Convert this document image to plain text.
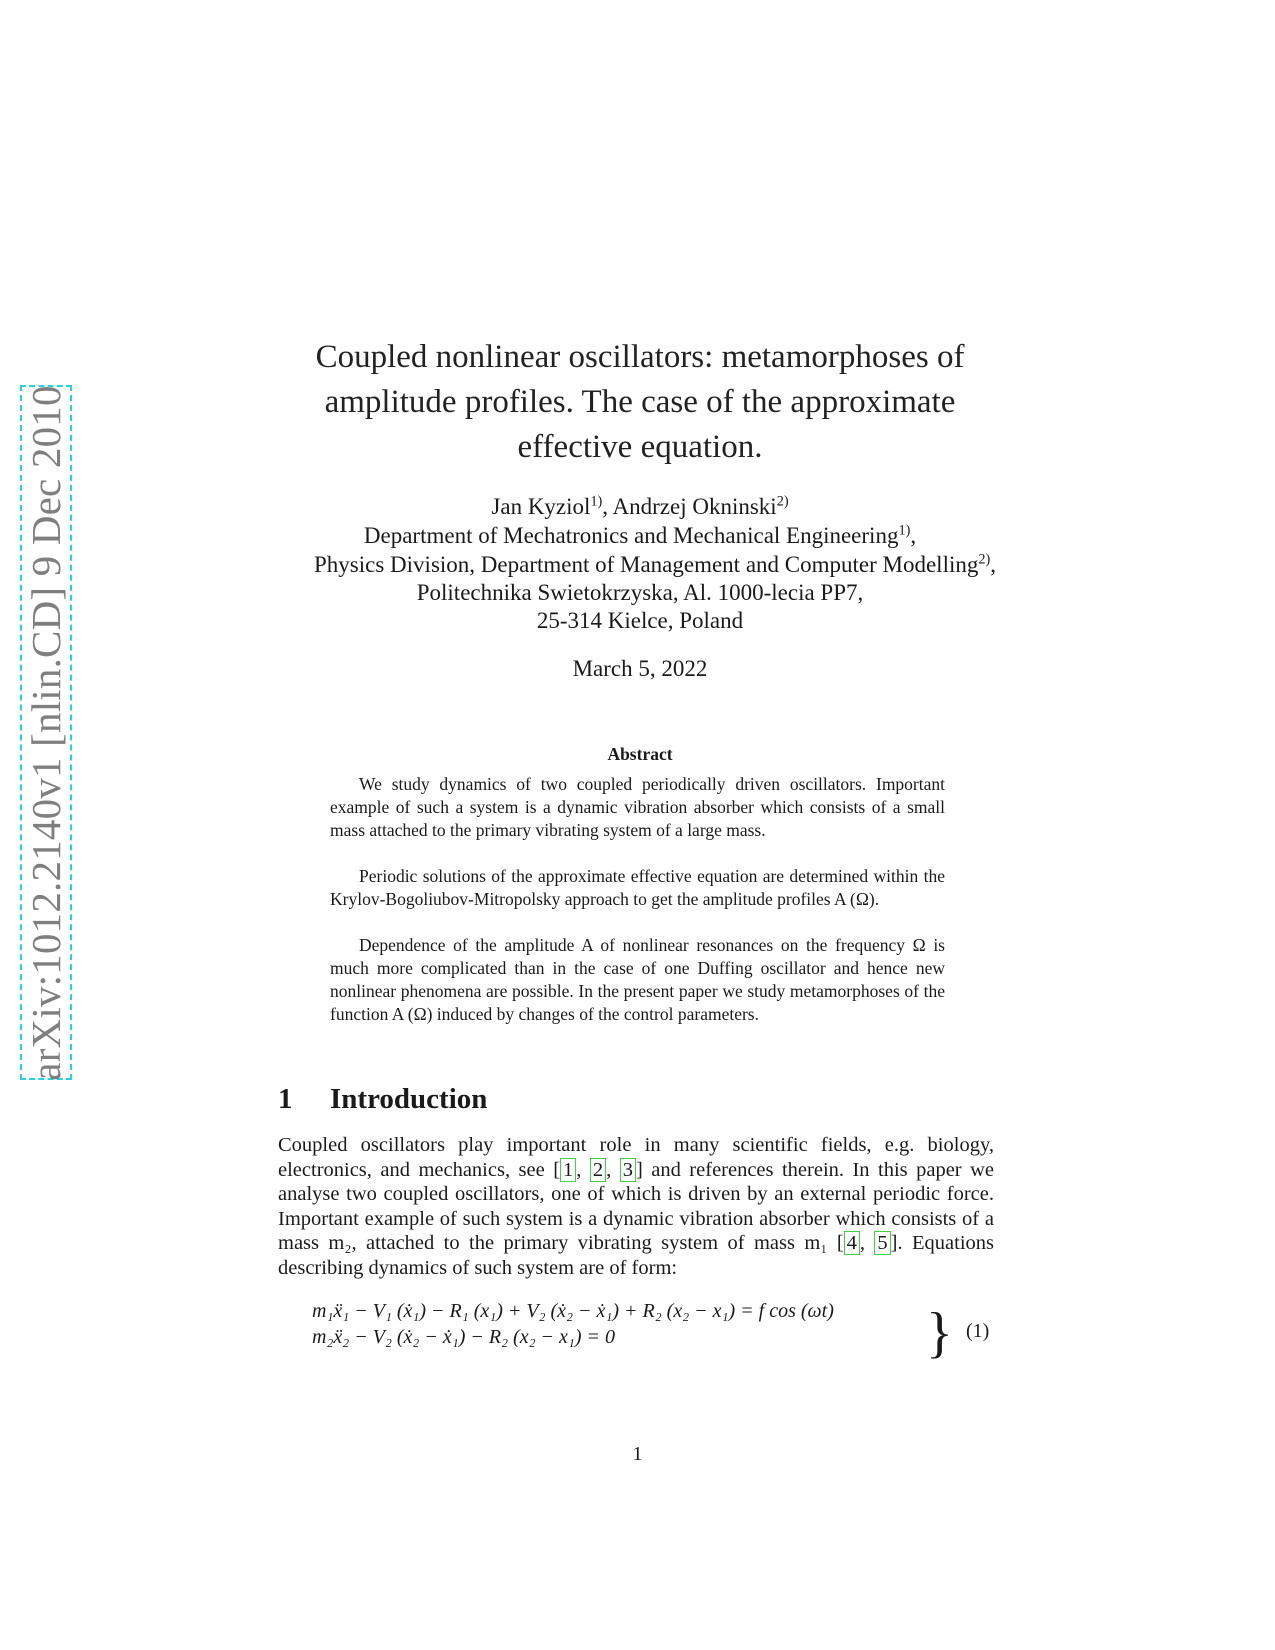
arXiv:1012.2140v1 [nlin.CD] 9 Dec 2010
Coupled nonlinear oscillators: metamorphoses of
amplitude profiles. The case of the approximate
effective equation.
Jan Kyziol$^{1)}$, Andrzej Okninski$^{2)}$
Department of Mechatronics and Mechanical Engineering$^{1)}$,
Physics Division, Department of Management and Computer Modelling$^{2)}$,
Politechnika Swietokrzyska, Al. 1000-lecia PP7,
25-314 Kielce, Poland
March 5, 2022
Abstract
We study dynamics of two coupled periodically driven oscillators. Important example of such a system is a dynamic vibration absorber which consists of a small mass attached to the primary vibrating system of a large mass.
Periodic solutions of the approximate effective equation are determined within the Krylov-Bogoliubov-Mitropolsky approach to get the amplitude profiles A (Ω).
Dependence of the amplitude A of nonlinear resonances on the frequency Ω is much more complicated than in the case of one Duffing oscillator and hence new nonlinear phenomena are possible. In the present paper we study metamorphoses of the function A (Ω) induced by changes of the control parameters.
1 Introduction
Coupled oscillators play important role in many scientific fields, e.g. biology, electronics, and mechanics, see [ 1 , 2 , 3 ] and references therein. In this paper we analyse two coupled oscillators, one of which is driven by an external periodic force. Important example of such system is a dynamic vibration absorber which consists of a mass m₂, attached to the primary vibrating system of mass m₁ [ 4 , 5 ]. Equations describing dynamics of such system are of form:
m₁ẍ₁ − V₁ (ẋ₁) − R₁ (x₁) + V₂ (ẋ₂ − ẋ₁) + R₂ (x₂ − x₁) = f cos (ωt)
m₂ẍ₂ − V₂ (ẋ₂ − ẋ₁) − R₂ (x₂ − x₁) = 0	} (1)
1
